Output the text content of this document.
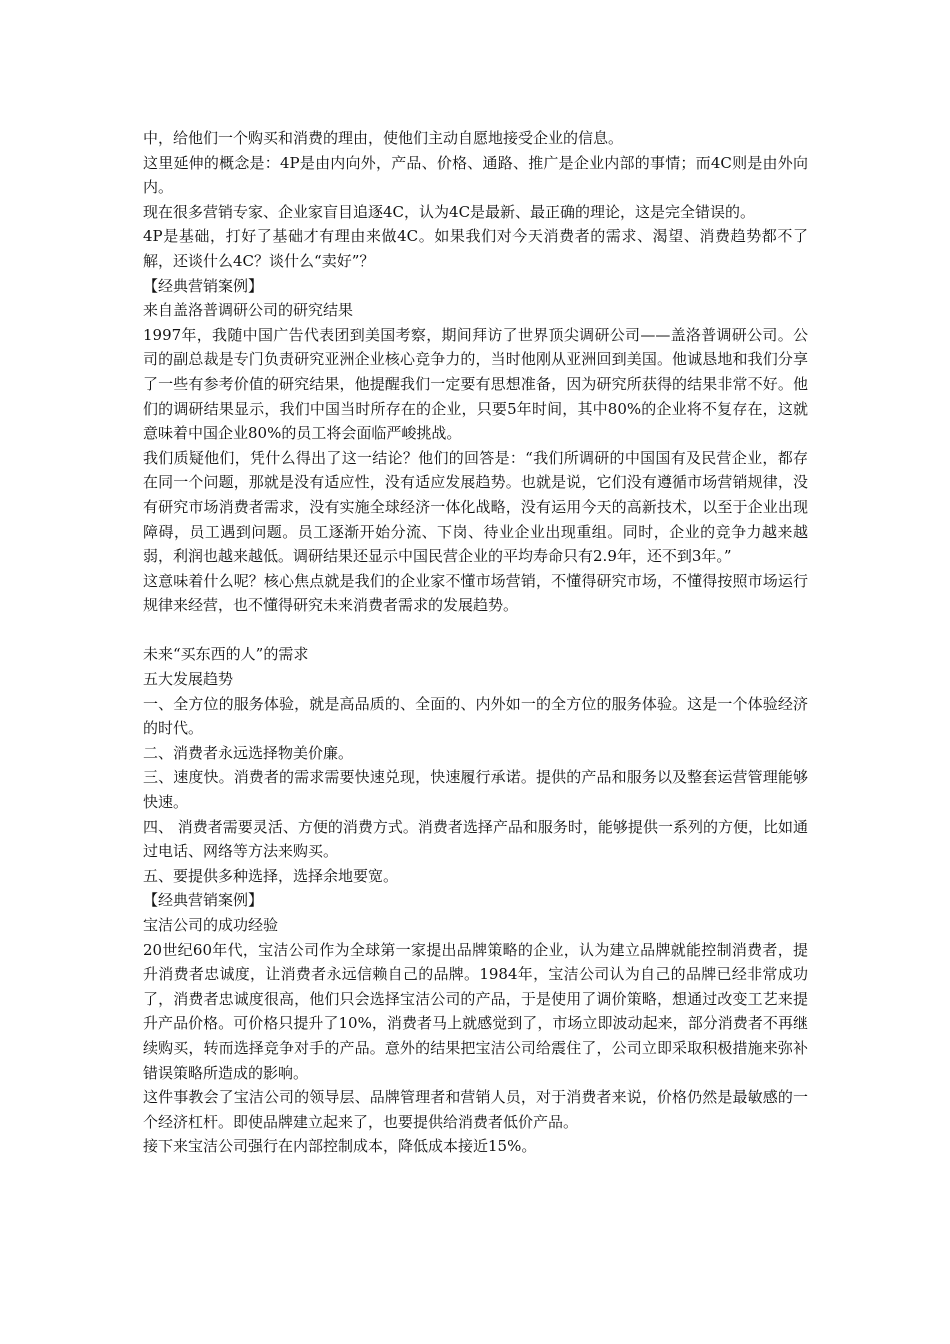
中，给他们一个购买和消费的理由，使他们主动自愿地接受企业的信息。

这里延伸的概念是：4P是由内向外，产品、价格、通路、推广是企业内部的事情；而4C则是由外向内。

现在很多营销专家、企业家盲目追逐4C，认为4C是最新、最正确的理论，这是完全错误的。

4P是基础，打好了基础才有理由来做4C。如果我们对今天消费者的需求、渴望、消费趋势都不了解，还谈什么4C？谈什么“卖好”？

【经典营销案例】

来自盖洛普调研公司的研究结果

1997年，我随中国广告代表团到美国考察，期间拜访了世界顶尖调研公司——盖洛普调研公司。公司的副总裁是专门负责研究亚洲企业核心竞争力的，当时他刚从亚洲回到美国。他诚恳地和我们分享了一些有参考价值的研究结果，他提醒我们一定要有思想准备，因为研究所获得的结果非常不好。他们的调研结果显示，我们中国当时所存在的企业，只要5年时间，其中80%的企业将不复存在，这就意味着中国企业80%的员工将会面临严峻挑战。

我们质疑他们，凭什么得出了这一结论？他们的回答是：“我们所调研的中国国有及民营企业，都存在同一个问题，那就是没有适应性，没有适应发展趋势。也就是说，它们没有遵循市场营销规律，没有研究市场消费者需求，没有实施全球经济一体化战略，没有运用今天的高新技术，以至于企业出现障碍，员工遇到问题。员工逐渐开始分流、下岗、待业企业出现重组。同时，企业的竞争力越来越弱，利润也越来越低。调研结果还显示中国民营企业的平均寿命只有2.9年，还不到3年。”

这意味着什么呢？核心焦点就是我们的企业家不懂市场营销，不懂得研究市场，不懂得按照市场运行规律来经营，也不懂得研究未来消费者需求的发展趋势。

未来“买东西的人”的需求

五大发展趋势

一、全方位的服务体验，就是高品质的、全面的、内外如一的全方位的服务体验。这是一个体验经济的时代。

二、消费者永远选择物美价廉。

三、速度快。消费者的需求需要快速兑现，快速履行承诺。提供的产品和服务以及整套运营管理能够快速。

四、 消费者需要灵活、方便的消费方式。消费者选择产品和服务时，能够提供一系列的方便，比如通过电话、网络等方法来购买。

五、要提供多种选择，选择余地要宽。

【经典营销案例】

宝洁公司的成功经验

20世纪60年代，宝洁公司作为全球第一家提出品牌策略的企业，认为建立品牌就能控制消费者，提升消费者忠诚度，让消费者永远信赖自己的品牌。1984年，宝洁公司认为自己的品牌已经非常成功了，消费者忠诚度很高，他们只会选择宝洁公司的产品，于是使用了调价策略，想通过改变工艺来提升产品价格。可价格只提升了10%，消费者马上就感觉到了，市场立即波动起来，部分消费者不再继续购买，转而选择竞争对手的产品。意外的结果把宝洁公司给震住了，公司立即采取积极措施来弥补错误策略所造成的影响。

这件事教会了宝洁公司的领导层、品牌管理者和营销人员，对于消费者来说，价格仍然是最敏感的一个经济杠杆。即使品牌建立起来了，也要提供给消费者低价产品。

接下来宝洁公司强行在内部控制成本，降低成本接近15%。
